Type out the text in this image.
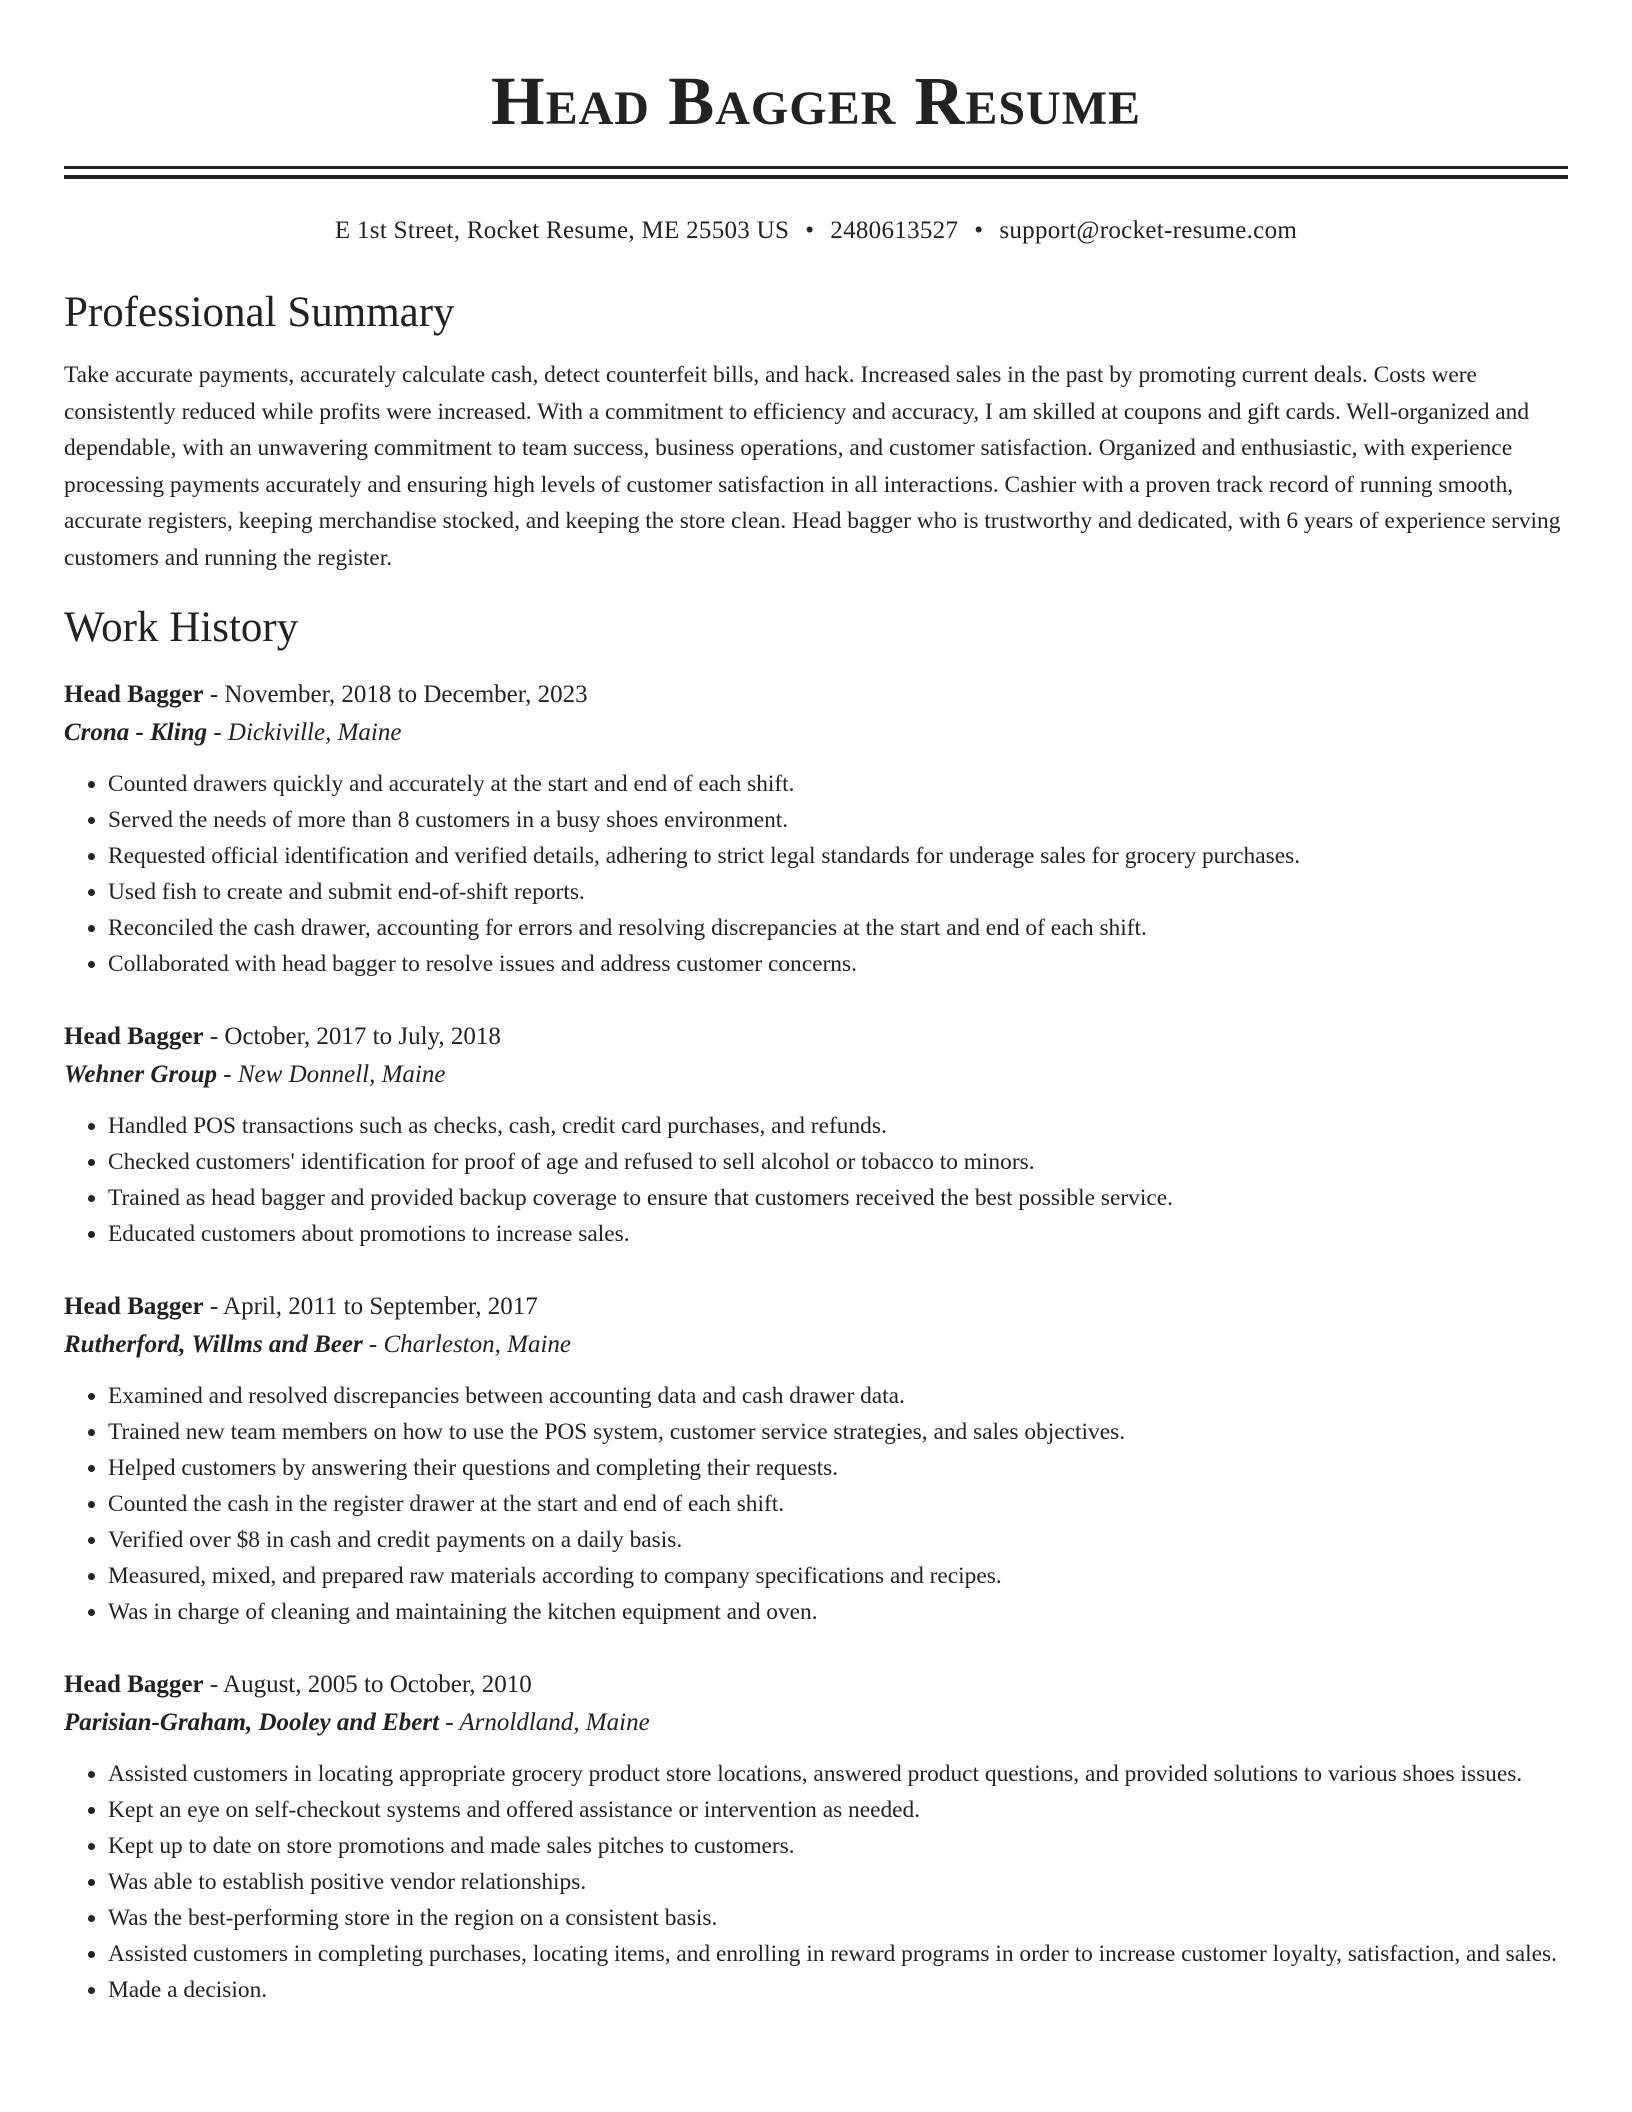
Head Bagger Resume
E 1st Street, Rocket Resume, ME 25503 US • 2480613527 • support@rocket-resume.com
Professional Summary
Take accurate payments, accurately calculate cash, detect counterfeit bills, and hack. Increased sales in the past by promoting current deals. Costs were consistently reduced while profits were increased. With a commitment to efficiency and accuracy, I am skilled at coupons and gift cards. Well-organized and dependable, with an unwavering commitment to team success, business operations, and customer satisfaction. Organized and enthusiastic, with experience processing payments accurately and ensuring high levels of customer satisfaction in all interactions. Cashier with a proven track record of running smooth, accurate registers, keeping merchandise stocked, and keeping the store clean. Head bagger who is trustworthy and dedicated, with 6 years of experience serving customers and running the register.
Work History
Head Bagger - November, 2018 to December, 2023
Crona - Kling - Dickiville, Maine
• Counted drawers quickly and accurately at the start and end of each shift.
• Served the needs of more than 8 customers in a busy shoes environment.
• Requested official identification and verified details, adhering to strict legal standards for underage sales for grocery purchases.
• Used fish to create and submit end-of-shift reports.
• Reconciled the cash drawer, accounting for errors and resolving discrepancies at the start and end of each shift.
• Collaborated with head bagger to resolve issues and address customer concerns.
Head Bagger - October, 2017 to July, 2018
Wehner Group - New Donnell, Maine
• Handled POS transactions such as checks, cash, credit card purchases, and refunds.
• Checked customers' identification for proof of age and refused to sell alcohol or tobacco to minors.
• Trained as head bagger and provided backup coverage to ensure that customers received the best possible service.
• Educated customers about promotions to increase sales.
Head Bagger - April, 2011 to September, 2017
Rutherford, Willms and Beer - Charleston, Maine
• Examined and resolved discrepancies between accounting data and cash drawer data.
• Trained new team members on how to use the POS system, customer service strategies, and sales objectives.
• Helped customers by answering their questions and completing their requests.
• Counted the cash in the register drawer at the start and end of each shift.
• Verified over $8 in cash and credit payments on a daily basis.
• Measured, mixed, and prepared raw materials according to company specifications and recipes.
• Was in charge of cleaning and maintaining the kitchen equipment and oven.
Head Bagger - August, 2005 to October, 2010
Parisian-Graham, Dooley and Ebert - Arnoldland, Maine
• Assisted customers in locating appropriate grocery product store locations, answered product questions, and provided solutions to various shoes issues.
• Kept an eye on self-checkout systems and offered assistance or intervention as needed.
• Kept up to date on store promotions and made sales pitches to customers.
• Was able to establish positive vendor relationships.
• Was the best-performing store in the region on a consistent basis.
• Assisted customers in completing purchases, locating items, and enrolling in reward programs in order to increase customer loyalty, satisfaction, and sales.
• Made a decision.
